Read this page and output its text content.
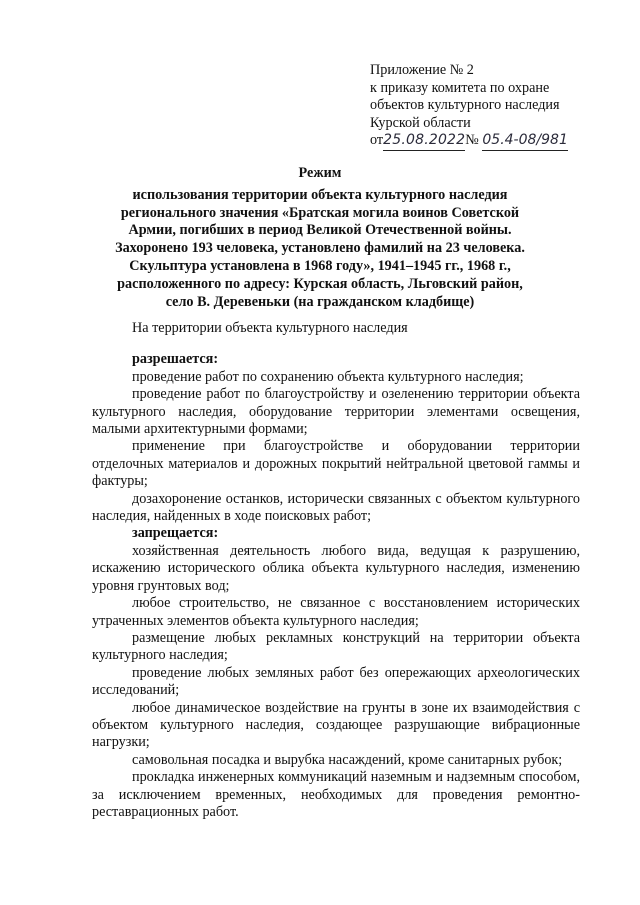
Приложение № 2
к приказу комитета по охране
объектов культурного наследия
Курской области
от25.08.2022№ 05.4-08/981
Режим
использования территории объекта культурного наследия
регионального значения «Братская могила воинов Советской
Армии, погибших в период Великой Отечественной войны.
Захоронено 193 человека, установлено фамилий на 23 человека.
Скульптура установлена в 1968 году», 1941–1945 гг., 1968 г.,
расположенного по адресу: Курская область, Льговский район,
село В. Деревеньки (на гражданском кладбище)
На территории объекта культурного наследия
разрешается:
проведение работ по сохранению объекта культурного наследия;
проведение работ по благоустройству и озеленению территории объекта культурного наследия, оборудование территории элементами освещения, малыми архитектурными формами;
применение при благоустройстве и оборудовании территории отделочных материалов и дорожных покрытий нейтральной цветовой гаммы и фактуры;
дозахоронение останков, исторически связанных с объектом культурного наследия, найденных в ходе поисковых работ;
запрещается:
хозяйственная деятельность любого вида, ведущая к разрушению, искажению исторического облика объекта культурного наследия, изменению уровня грунтовых вод;
любое строительство, не связанное с восстановлением исторических утраченных элементов объекта культурного наследия;
размещение любых рекламных конструкций на территории объекта культурного наследия;
проведение любых земляных работ без опережающих археологических исследований;
любое динамическое воздействие на грунты в зоне их взаимодействия с объектом культурного наследия, создающее разрушающие вибрационные нагрузки;
самовольная посадка и вырубка насаждений, кроме санитарных рубок;
прокладка инженерных коммуникаций наземным и надземным способом, за исключением временных, необходимых для проведения ремонтно-реставрационных работ.
